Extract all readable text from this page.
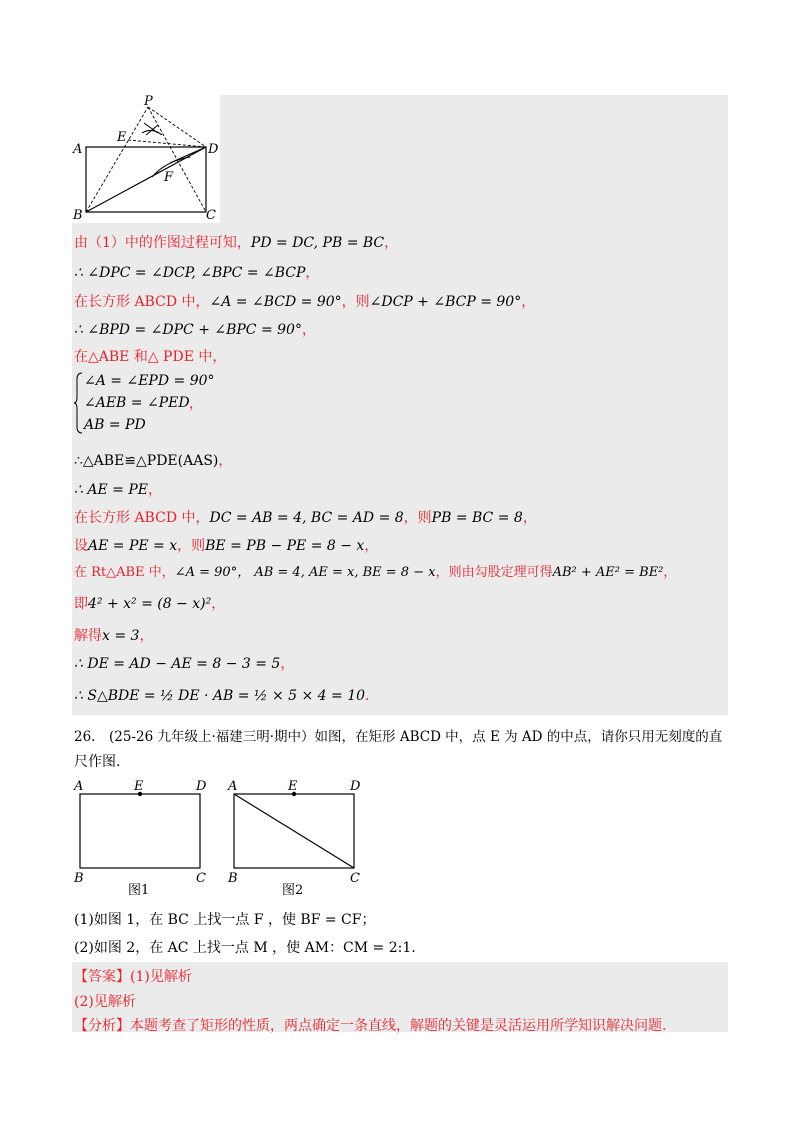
P
E
A	D
F
B	C
由（1）中的作图过程可知，PD = DC, PB = BC，
∴ ∠DPC = ∠DCP, ∠BPC = ∠BCP，
在长方形 ABCD 中，∠A = ∠BCD = 90°，则∠DCP + ∠BCP = 90°，
∴ ∠BPD = ∠DPC + ∠BPC = 90°，
在△ABE 和△ PDE 中，
∠A = ∠EPD = 90°
∠AEB = ∠PED
AB = PD
，
∴△ABE≌△PDE(AAS)，
∴ AE = PE，
在长方形 ABCD 中，DC = AB = 4, BC = AD = 8，则PB = BC = 8，
设AE = PE = x，则BE = PB − PE = 8 − x，
在 Rt△ABE 中，∠A = 90°， AB = 4, AE = x, BE = 8 − x，则由勾股定理可得AB² + AE² = BE²，
即4² + x² = (8 − x)²，
解得x = 3，
∴ DE = AD − AE = 8 − 3 = 5，
∴ S△BDE = ½ DE · AB = ½ × 5 × 4 = 10．
26.　(25-26 九年级上·福建三明·期中）如图，在矩形 ABCD 中，点 E 为 AD 的中点，请你只用无刻度的直
尺作图.
A	E	D
B	C
图1
A	E	D
B	C
图2
(1)如图 1，在 BC 上找一点 F ，使 BF = CF；
(2)如图 2，在 AC 上找一点 M ，使 AM：CM = 2:1.
【答案】(1)见解析
(2)见解析
【分析】本题考查了矩形的性质，两点确定一条直线，解题的关键是灵活运用所学知识解决问题.
